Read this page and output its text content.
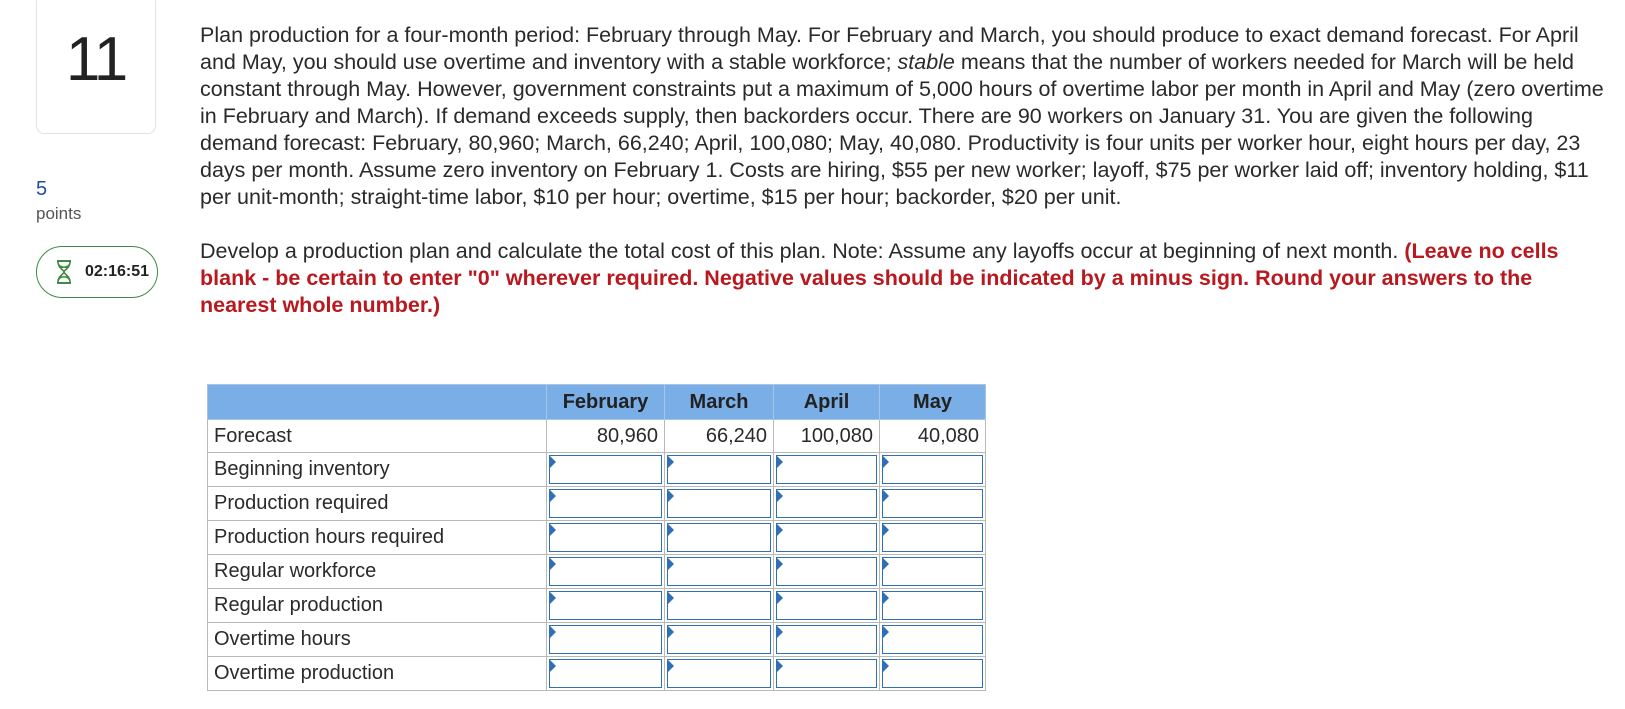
11
5
points
02:16:51

Plan production for a four-month period: February through May. For February and March, you should produce to exact demand forecast. For April and May, you should use overtime and inventory with a stable workforce; stable means that the number of workers needed for March will be held constant through May. However, government constraints put a maximum of 5,000 hours of overtime labor per month in April and May (zero overtime in February and March). If demand exceeds supply, then backorders occur. There are 90 workers on January 31. You are given the following demand forecast: February, 80,960; March, 66,240; April, 100,080; May, 40,080. Productivity is four units per worker hour, eight hours per day, 23 days per month. Assume zero inventory on February 1. Costs are hiring, $55 per new worker; layoff, $75 per worker laid off; inventory holding, $11 per unit-month; straight-time labor, $10 per hour; overtime, $15 per hour; backorder, $20 per unit.

Develop a production plan and calculate the total cost of this plan. Note: Assume any layoffs occur at beginning of next month. (Leave no cells blank - be certain to enter "0" wherever required. Negative values should be indicated by a minus sign. Round your answers to the nearest whole number.)

	February	March	April	May
Forecast	80,960	66,240	100,080	40,080
Beginning inventory	

Production required	

Production hours required	

Regular workforce	

Regular production	

Overtime hours	

Overtime production	
